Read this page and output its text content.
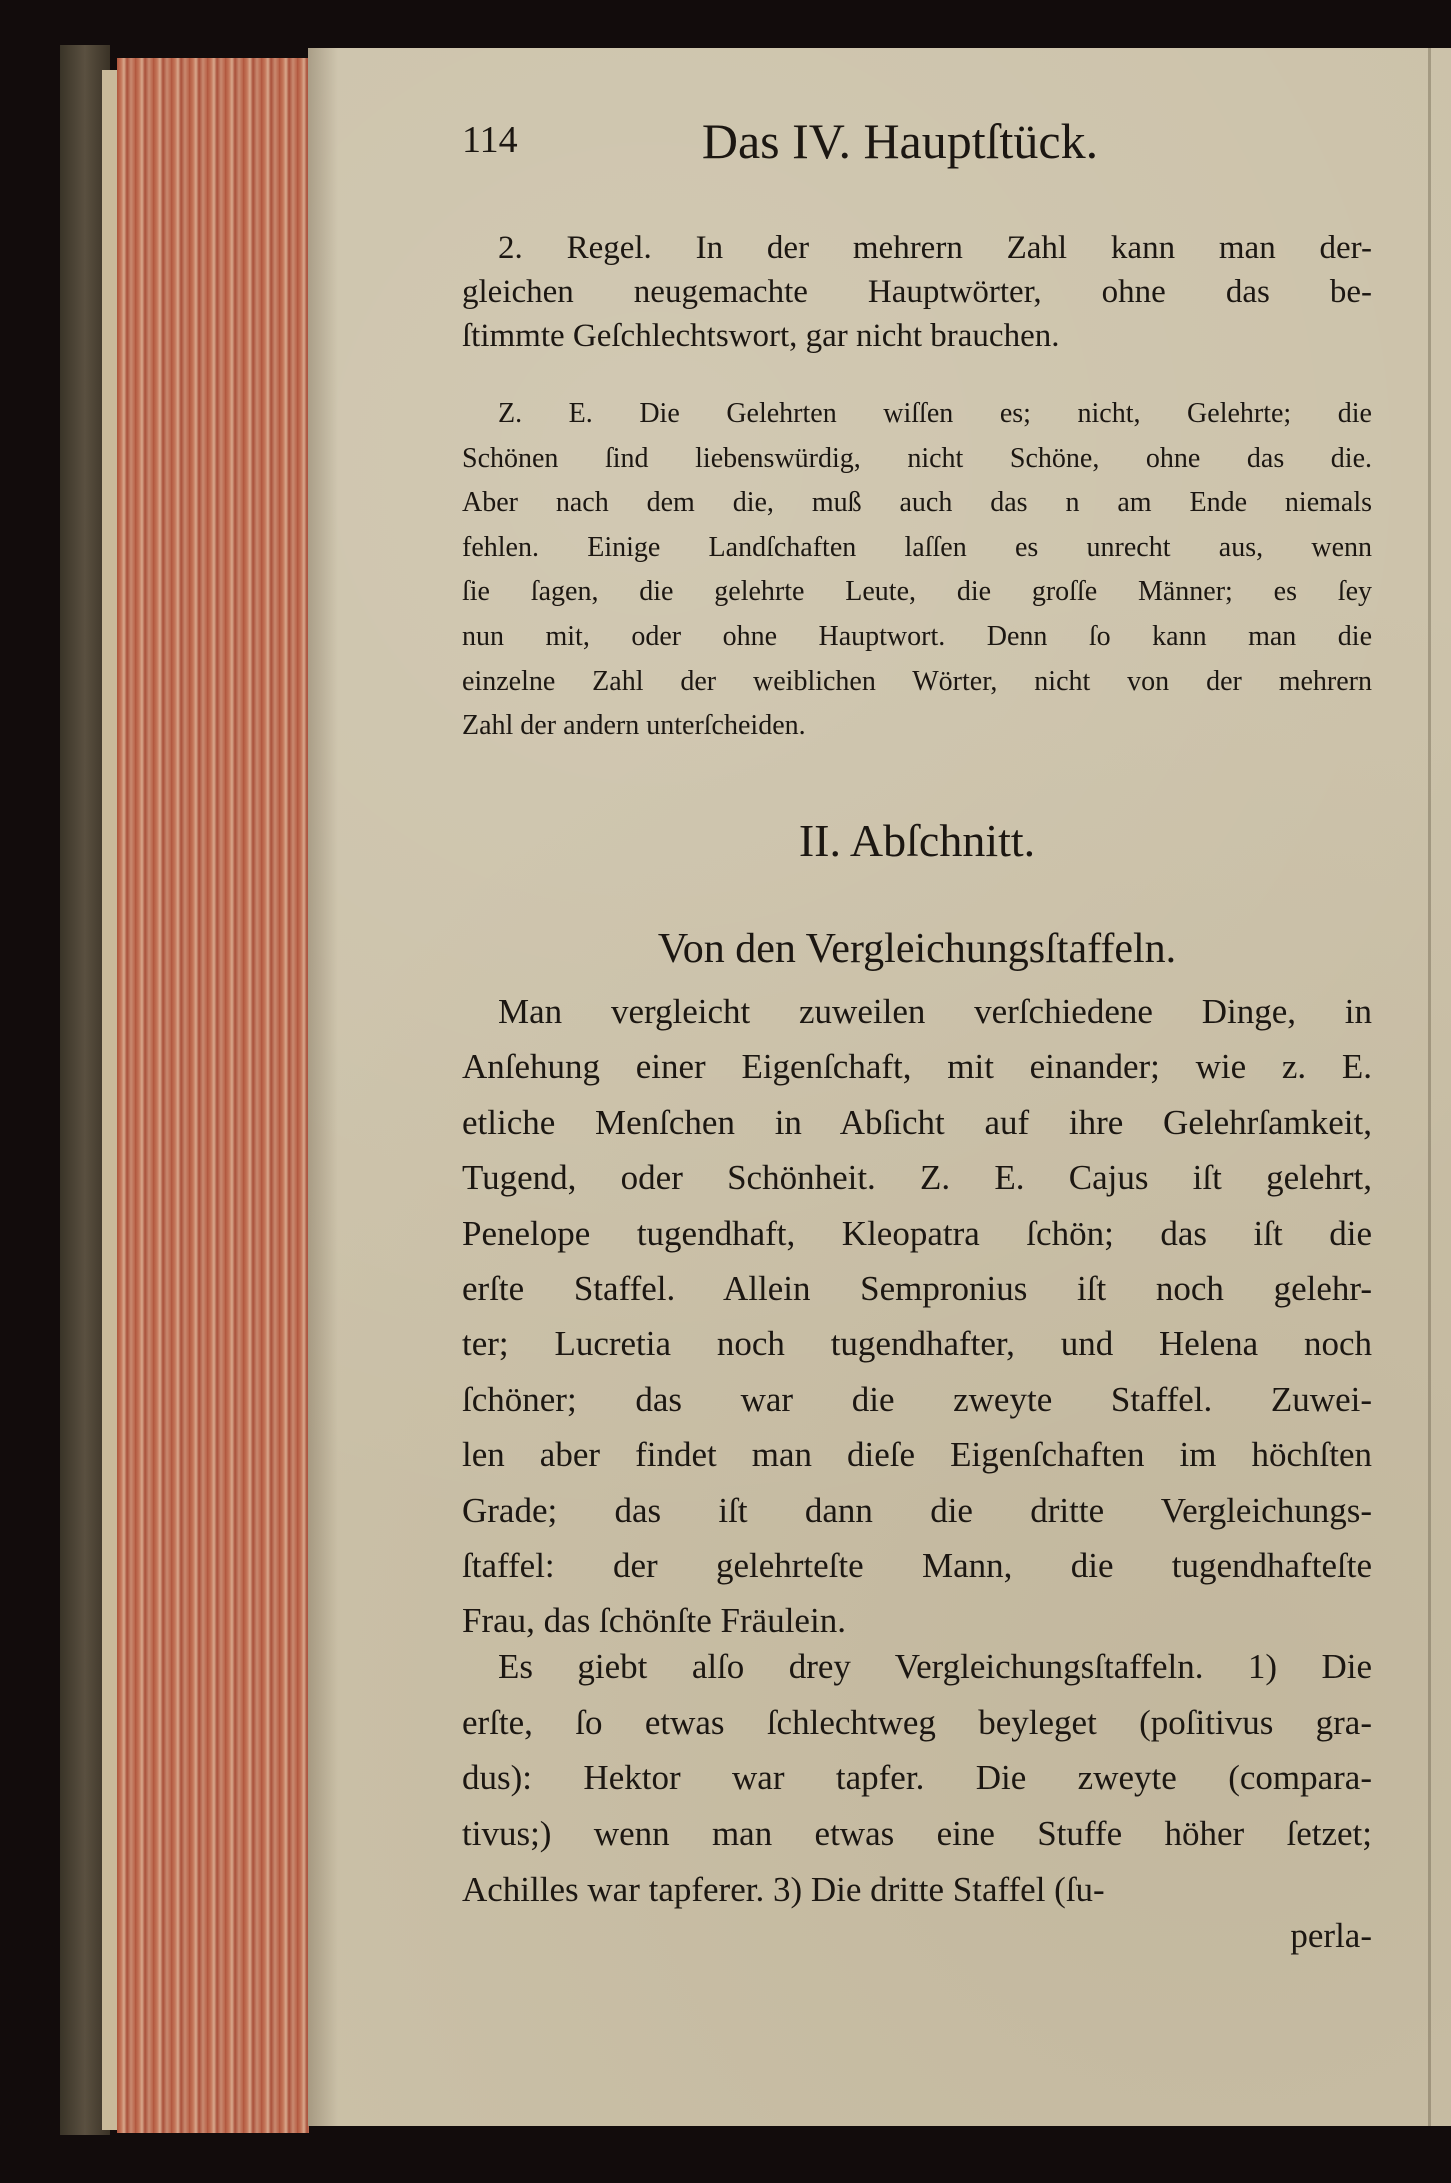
114	Das IV. Hauptſtück.
2. Regel. In der mehrern Zahl kann man der-
gleichen neugemachte Hauptwörter, ohne das be-
ſtimmte Geſchlechtswort, gar nicht brauchen.
Z. E. Die Gelehrten wiſſen es; nicht, Gelehrte; die
Schönen ſind liebenswürdig, nicht Schöne, ohne das die.
Aber nach dem die, muß auch das n am Ende niemals
fehlen. Einige Landſchaften laſſen es unrecht aus, wenn
ſie ſagen, die gelehrte Leute, die groſſe Männer; es ſey
nun mit, oder ohne Hauptwort. Denn ſo kann man die
einzelne Zahl der weiblichen Wörter, nicht von der mehrern
Zahl der andern unterſcheiden.
Man vergleicht zuweilen verſchiedene Dinge, in
Anſehung einer Eigenſchaft, mit einander; wie z. E.
etliche Menſchen in Abſicht auf ihre Gelehrſamkeit,
Tugend, oder Schönheit. Z. E. Cajus iſt gelehrt,
Penelope tugendhaft, Kleopatra ſchön; das iſt die
erſte Staffel. Allein Sempronius iſt noch gelehr-
ter; Lucretia noch tugendhafter, und Helena noch
ſchöner; das war die zweyte Staffel. Zuwei-
len aber findet man dieſe Eigenſchaften im höchſten
Grade; das iſt dann die dritte Vergleichungs-
ſtaffel: der gelehrteſte Mann, die tugendhafteſte
Frau, das ſchönſte Fräulein.
Es giebt alſo drey Vergleichungsſtaffeln. 1) Die
erſte, ſo etwas ſchlechtweg beyleget (poſitivus gra-
dus): Hektor war tapfer. Die zweyte (compara-
tivus;) wenn man etwas eine Stuffe höher ſetzet;
Achilles war tapferer. 3) Die dritte Staffel (ſu-
II. Abſchnitt.
Von den Vergleichungsſtaffeln.
perla-
